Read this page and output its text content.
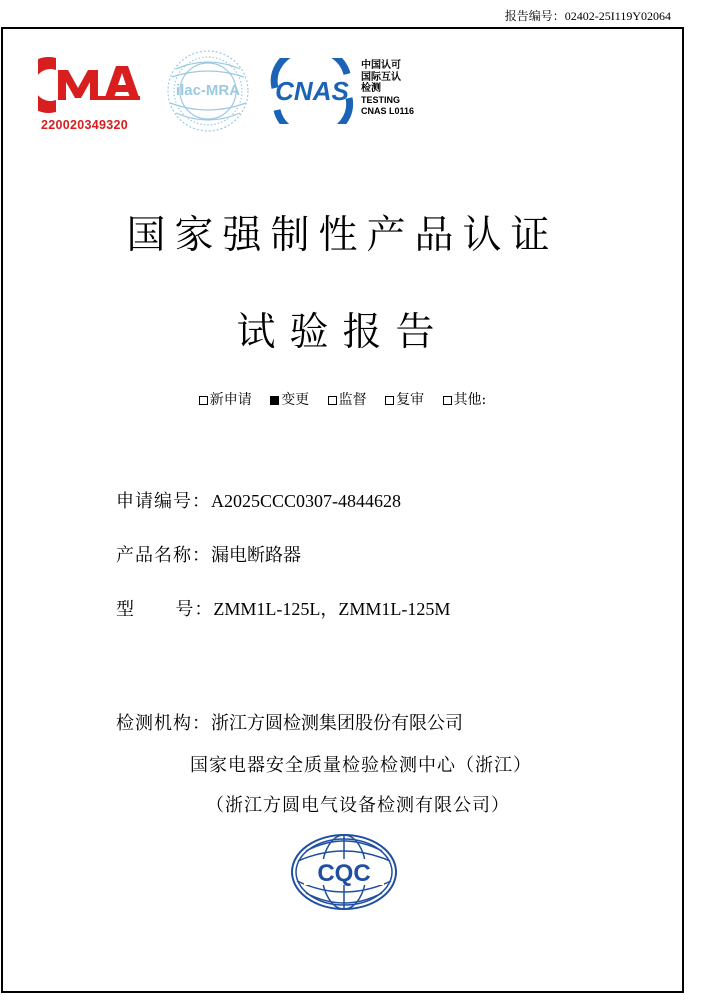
报告编号：02402-25I119Y02064
220020349320
ilac-MRA CNAS
中国认可
国际互认
检测
TESTING
CNAS L0116
国家强制性产品认证
试验报告
新申请 变更 监督 复审 其他:
申请编号：A2025CCC0307-4844628
产品名称：漏电断路器
型      号：ZMM1L-125L，ZMM1L-125M
检测机构：浙江方圆检测集团股份有限公司
国家电器安全质量检验检测中心（浙江）
（浙江方圆电气设备检测有限公司）
CQC
